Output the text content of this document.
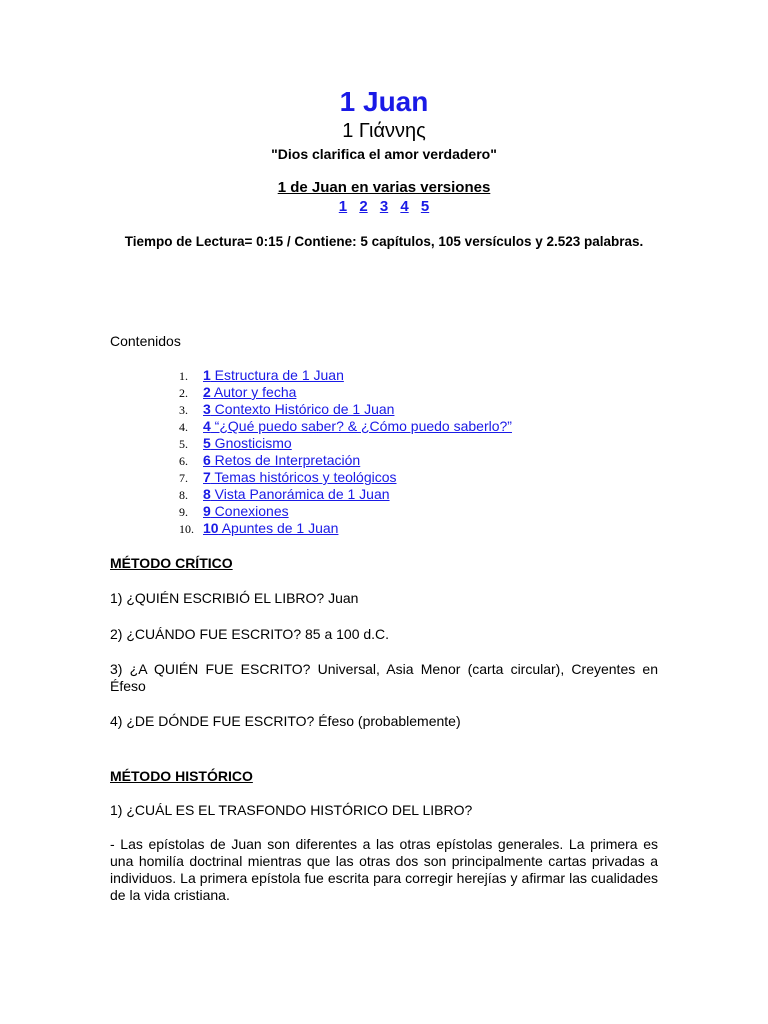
1 Juan
1 Γιάννης
"Dios clarifica el amor verdadero"
1 de Juan en varias versiones
1 2 3 4 5
Tiempo de Lectura= 0:15 / Contiene: 5 capítulos, 105 versículos y 2.523 palabras.
Contenidos
1.	1 Estructura de 1 Juan
2.	2 Autor y fecha
3.	3 Contexto Histórico de 1 Juan
4.	4 “¿Qué puedo saber? & ¿Cómo puedo saberlo?”
5.	5 Gnosticismo
6.	6 Retos de Interpretación
7.	7 Temas históricos y teológicos
8.	8 Vista Panorámica de 1 Juan
9.	9 Conexiones
10. 10 Apuntes de 1 Juan
MÉTODO CRÍTICO
1) ¿QUIÉN ESCRIBIÓ EL LIBRO? Juan
2) ¿CUÁNDO FUE ESCRITO? 85 a 100 d.C.
3) ¿A QUIÉN FUE ESCRITO? Universal, Asia Menor (carta circular), Creyentes en Éfeso
4) ¿DE DÓNDE FUE ESCRITO? Éfeso (probablemente)
MÉTODO HISTÓRICO
1) ¿CUÁL ES EL TRASFONDO HISTÓRICO DEL LIBRO?
- Las epístolas de Juan son diferentes a las otras epístolas generales. La primera es una homilía doctrinal mientras que las otras dos son principalmente cartas privadas a individuos. La primera epístola fue escrita para corregir herejías y afirmar las cualidades de la vida cristiana.
